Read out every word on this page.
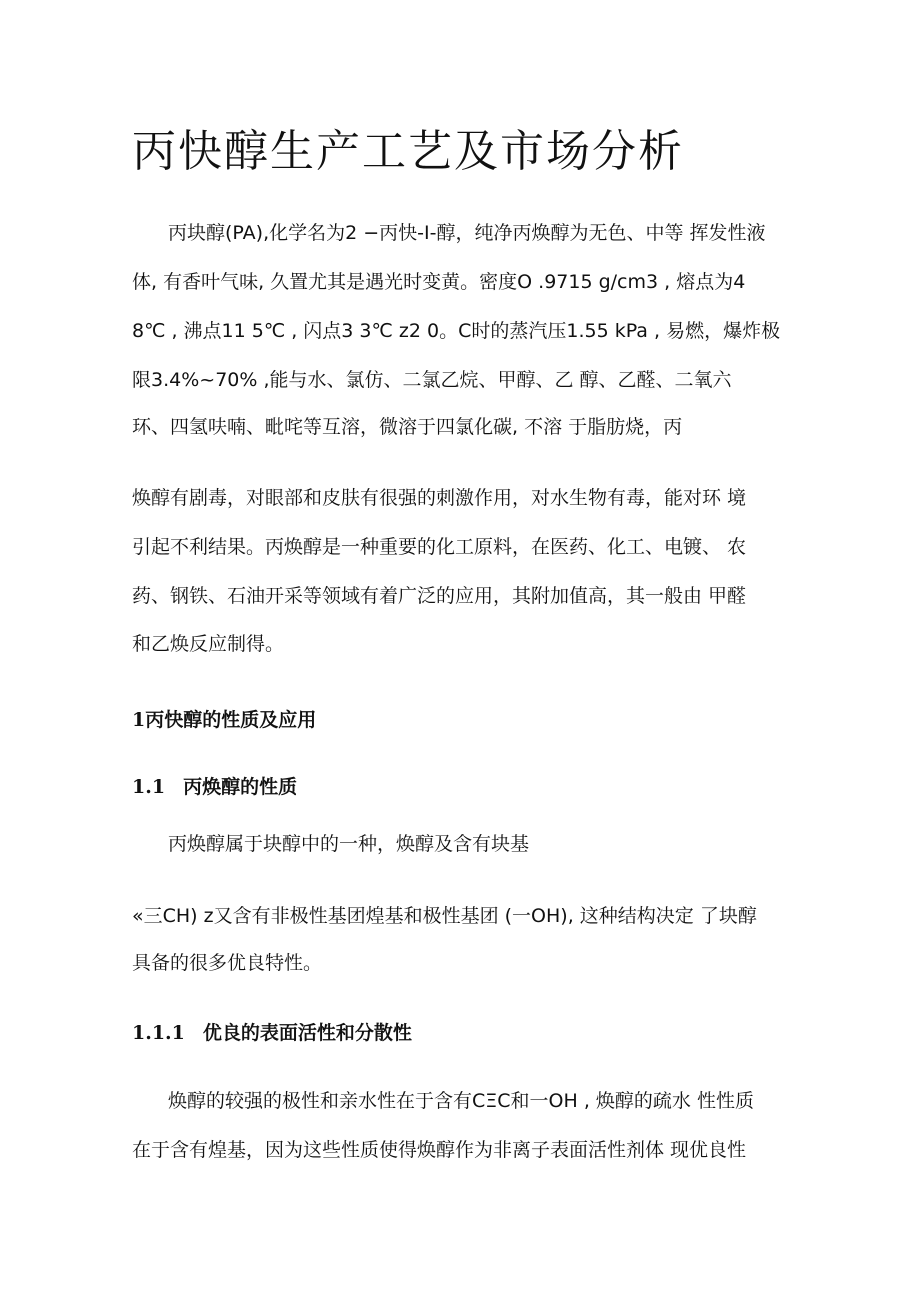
丙快醇生产工艺及市场分析

丙块醇(PA),化学名为2 −丙快-I-醇，纯净丙焕醇为无色、中等 挥发性液

体, 有香叶气味, 久置尤其是遇光时变黄。密度O .9715 g/cm3 , 熔点为4

8℃ , 沸点11 5℃ , 闪点3 3℃ z2 0。C时的蒸汽压1.55 kPa , 易燃，爆炸极

限3.4%~70% ,能与水、氯仿、二氯乙烷、甲醇、乙 醇、乙醛、二氧六

环、四氢呋喃、毗咤等互溶，微溶于四氯化碳, 不溶 于脂肪烧，丙

焕醇有剧毒，对眼部和皮肤有很强的刺激作用，对水生物有毒，能对环 境

引起不利结果。丙焕醇是一种重要的化工原料，在医药、化工、电镀、 农

药、钢铁、石油开采等领域有着广泛的应用，其附加值高，其一般由 甲醛

和乙焕反应制得。

1丙快醇的性质及应用
1.1 丙焕醇的性质

丙焕醇属于块醇中的一种，焕醇及含有块基

«三CH) z又含有非极性基团煌基和极性基团 (一OH), 这种结构决定 了块醇

具备的很多优良特性。

1.1.1 优良的表面活性和分散性

焕醇的较强的极性和亲水性在于含有CΞC和一OH , 焕醇的疏水 性性质

在于含有煌基，因为这些性质使得焕醇作为非离子表面活性剂体 现优良性
